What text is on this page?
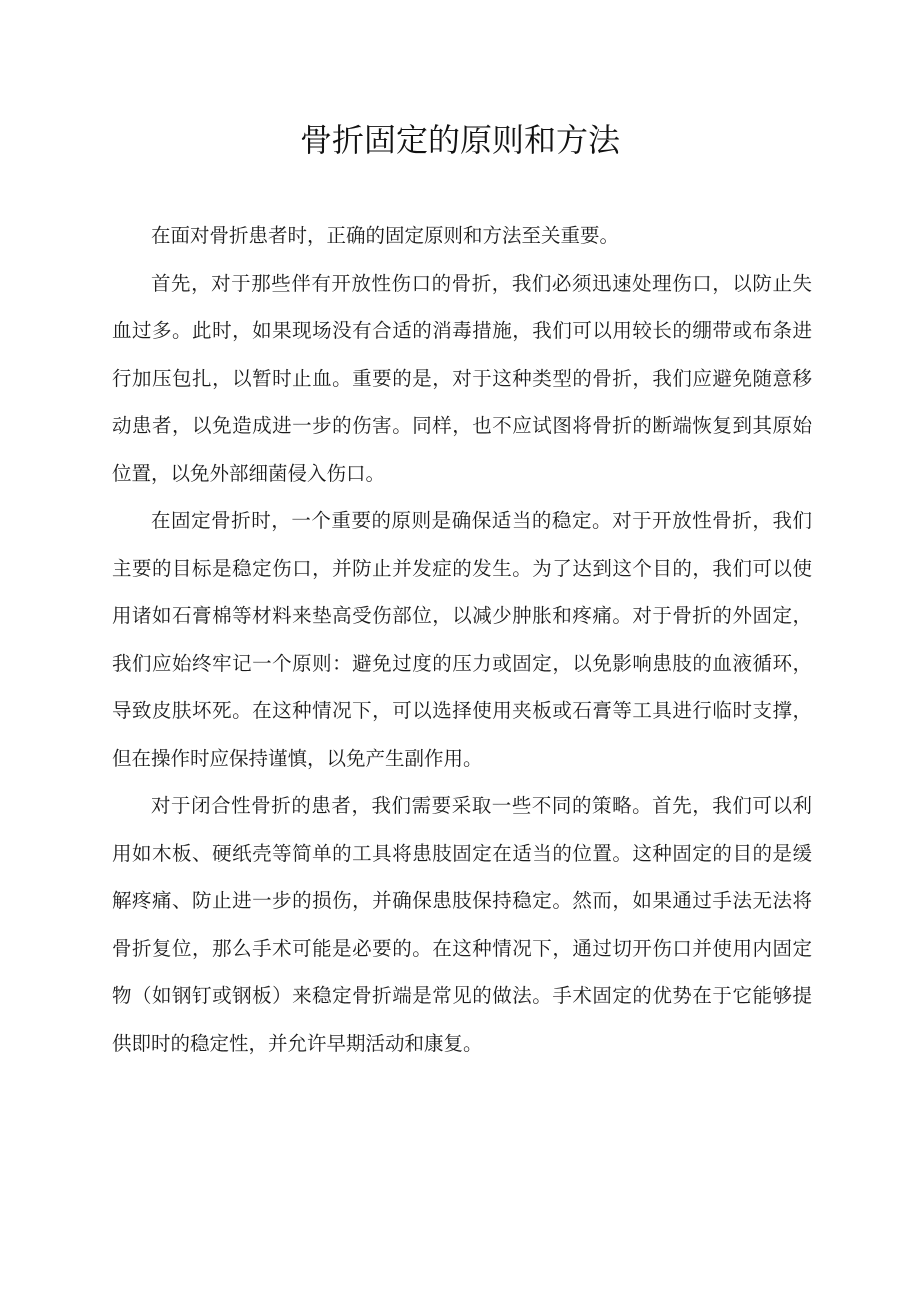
骨折固定的原则和方法

在面对骨折患者时，正确的固定原则和方法至关重要。

首先，对于那些伴有开放性伤口的骨折，我们必须迅速处理伤口，以防止失血过多。此时，如果现场没有合适的消毒措施，我们可以用较长的绷带或布条进行加压包扎，以暂时止血。重要的是，对于这种类型的骨折，我们应避免随意移动患者，以免造成进一步的伤害。同样，也不应试图将骨折的断端恢复到其原始位置，以免外部细菌侵入伤口。

在固定骨折时，一个重要的原则是确保适当的稳定。对于开放性骨折，我们主要的目标是稳定伤口，并防止并发症的发生。为了达到这个目的，我们可以使用诸如石膏棉等材料来垫高受伤部位，以减少肿胀和疼痛。对于骨折的外固定，我们应始终牢记一个原则：避免过度的压力或固定，以免影响患肢的血液循环，导致皮肤坏死。在这种情况下，可以选择使用夹板或石膏等工具进行临时支撑，但在操作时应保持谨慎，以免产生副作用。

对于闭合性骨折的患者，我们需要采取一些不同的策略。首先，我们可以利用如木板、硬纸壳等简单的工具将患肢固定在适当的位置。这种固定的目的是缓解疼痛、防止进一步的损伤，并确保患肢保持稳定。然而，如果通过手法无法将骨折复位，那么手术可能是必要的。在这种情况下，通过切开伤口并使用内固定物（如钢钉或钢板）来稳定骨折端是常见的做法。手术固定的优势在于它能够提供即时的稳定性，并允许早期活动和康复。
